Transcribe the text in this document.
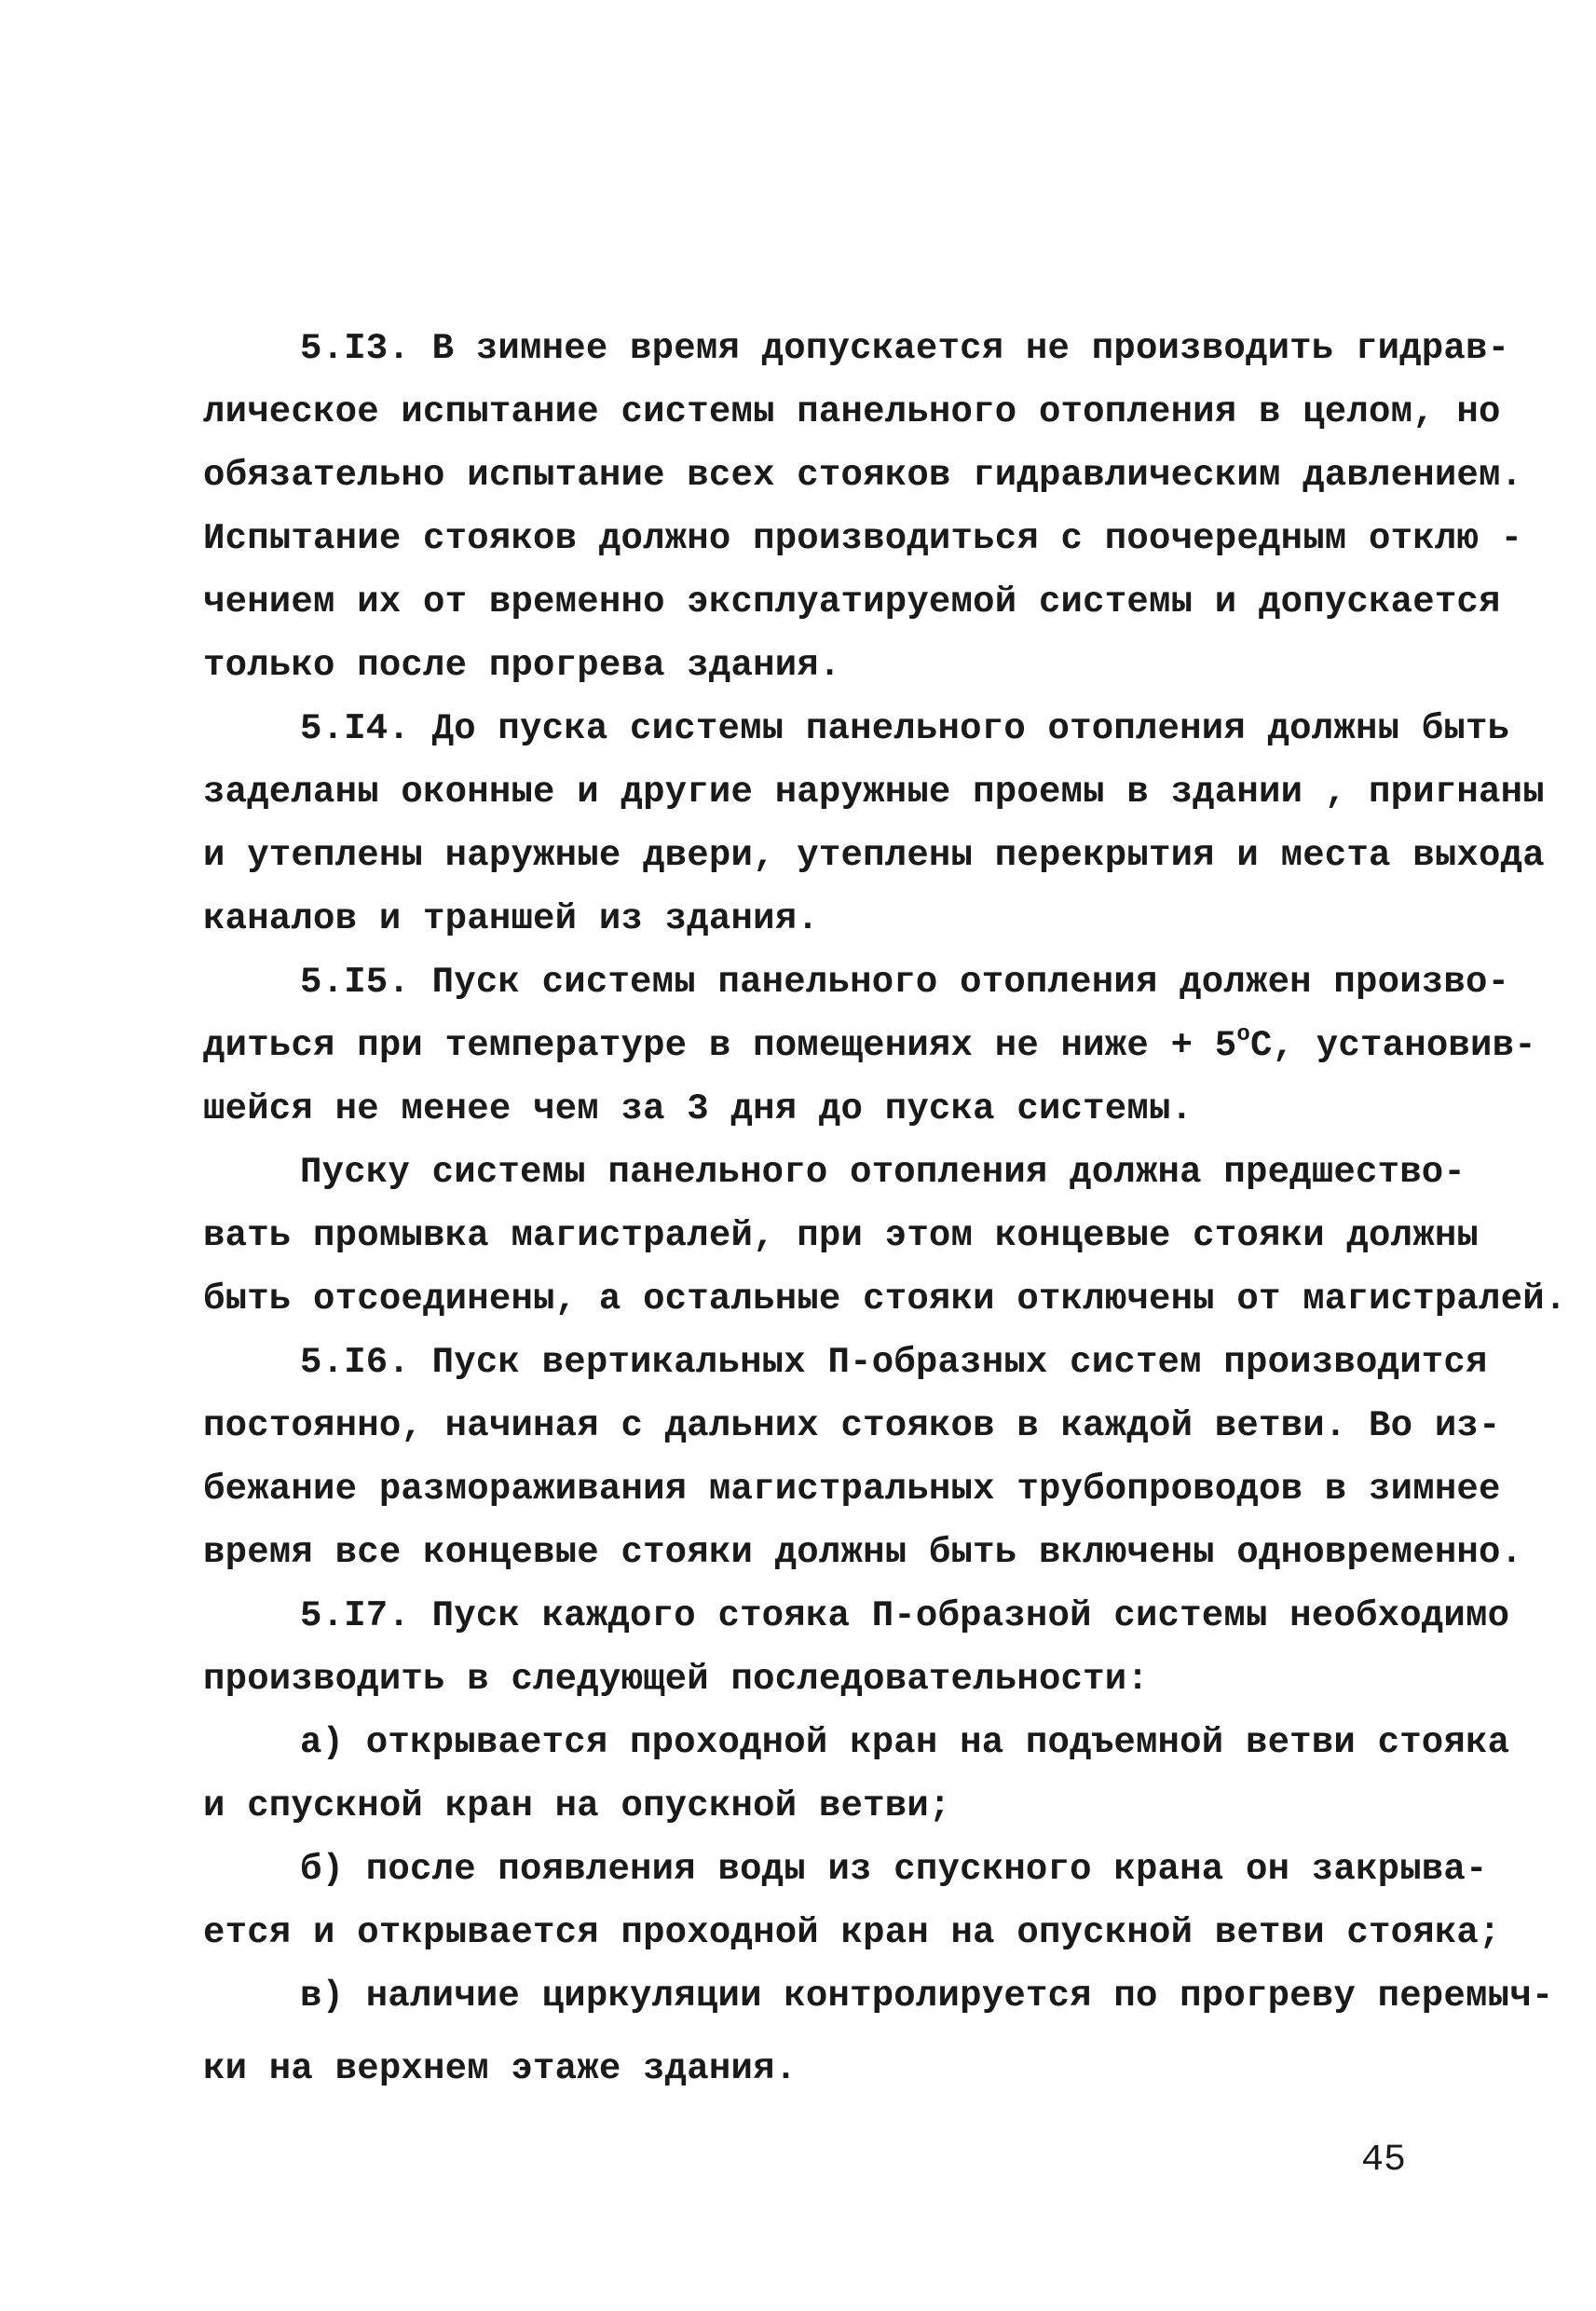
5.I3. В зимнее время допускается не производить гидрав-

лическое испытание системы панельного отопления в целом, но

обязательно испытание всех стояков гидравлическим давлением.

Испытание стояков должно производиться с поочередным отклю -

чением их от временно эксплуатируемой системы и допускается

только после прогрева здания.

5.I4. До пуска системы панельного отопления должны быть

заделаны оконные и другие наружные проемы в здании , пригнаны

и утеплены наружные двери, утеплены перекрытия и места выхода

каналов и траншей из здания.

5.I5. Пуск системы панельного отопления должен произво-

диться при температуре в помещениях не ниже + $5^оС$, установив-

шейся не менее чем за 3 дня до пуска системы.

Пуску системы панельного отопления должна предшество-

вать промывка магистралей, при этом концевые стояки должны

быть отсоединены, а остальные стояки отключены от магистралей.

5.I6. Пуск вертикальных П-образных систем производится

постоянно, начиная с дальних стояков в каждой ветви. Во из-

бежание размораживания магистральных трубопроводов в зимнее

время все концевые стояки должны быть включены одновременно.

5.I7. Пуск каждого стояка П-образной системы необходимо

производить в следующей последовательности:

а) открывается проходной кран на подъемной ветви стояка

и спускной кран на опускной ветви;

б) после появления воды из спускного крана он закрыва-

ется и открывается проходной кран на опускной ветви стояка;

в) наличие циркуляции контролируется по прогреву перемыч-

ки на верхнем этаже здания.

45
